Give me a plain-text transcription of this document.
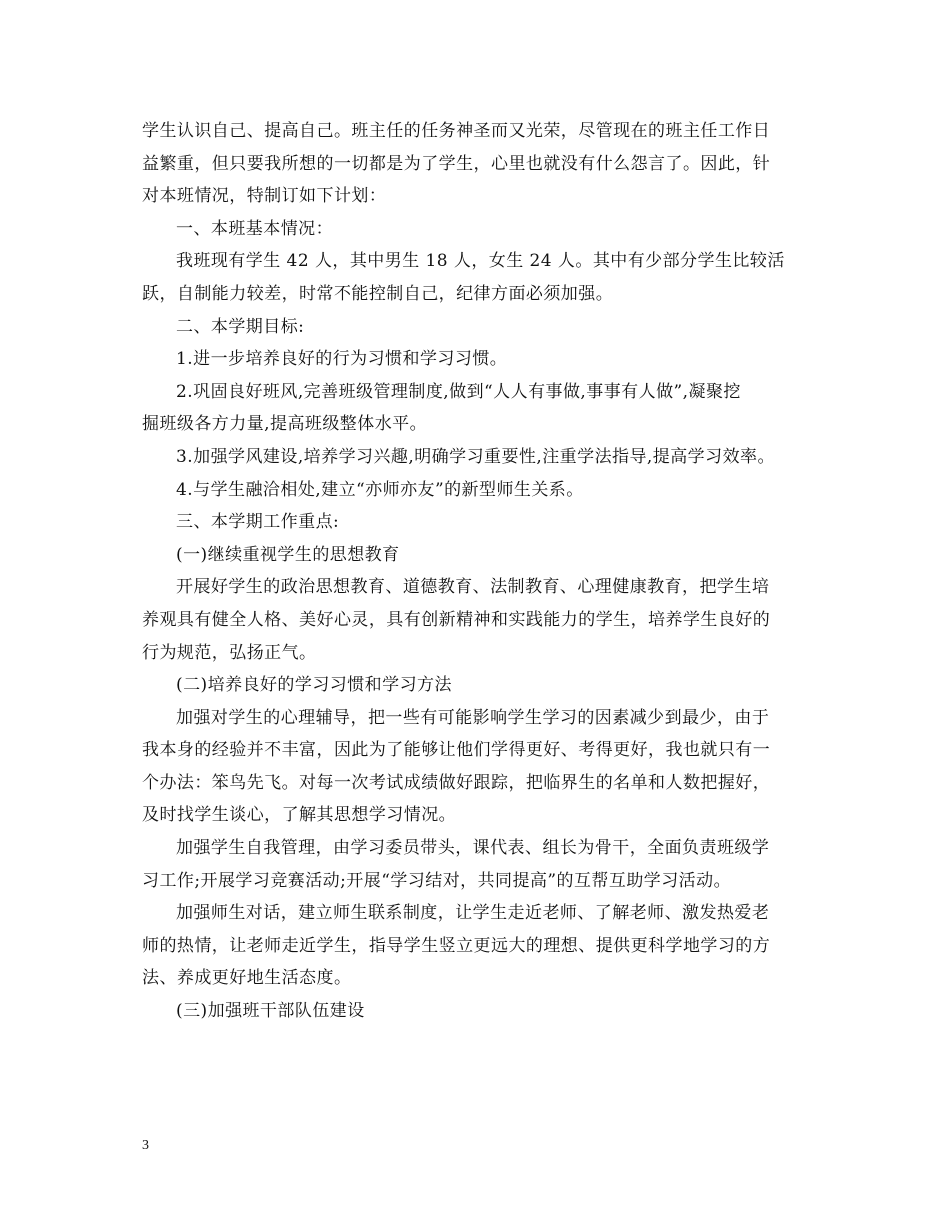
学生认识自己、提高自己。班主任的任务神圣而又光荣，尽管现在的班主任工作日
益繁重，但只要我所想的一切都是为了学生，心里也就没有什么怨言了。因此，针
对本班情况，特制订如下计划：
一、本班基本情况：
我班现有学生 42 人，其中男生 18 人，女生 24 人。其中有少部分学生比较活
跃，自制能力较差，时常不能控制自己，纪律方面必须加强。
二、本学期目标:
1.进一步培养良好的行为习惯和学习习惯。
2.巩固良好班风,完善班级管理制度,做到“人人有事做,事事有人做”,凝聚挖
掘班级各方力量,提高班级整体水平。
3.加强学风建设,培养学习兴趣,明确学习重要性,注重学法指导,提高学习效率。
4.与学生融洽相处,建立“亦师亦友”的新型师生关系。
三、本学期工作重点:
(一)继续重视学生的思想教育
开展好学生的政治思想教育、道德教育、法制教育、心理健康教育，把学生培
养观具有健全人格、美好心灵，具有创新精神和实践能力的学生，培养学生良好的
行为规范，弘扬正气。
(二)培养良好的学习习惯和学习方法
加强对学生的心理辅导，把一些有可能影响学生学习的因素减少到最少，由于
我本身的经验并不丰富，因此为了能够让他们学得更好、考得更好，我也就只有一
个办法：笨鸟先飞。对每一次考试成绩做好跟踪，把临界生的名单和人数把握好，
及时找学生谈心，了解其思想学习情况。
加强学生自我管理，由学习委员带头，课代表、组长为骨干，全面负责班级学
习工作;开展学习竞赛活动;开展“学习结对，共同提高”的互帮互助学习活动。
加强师生对话，建立师生联系制度，让学生走近老师、了解老师、激发热爱老
师的热情，让老师走近学生，指导学生竖立更远大的理想、提供更科学地学习的方
法、养成更好地生活态度。
(三)加强班干部队伍建设
3
